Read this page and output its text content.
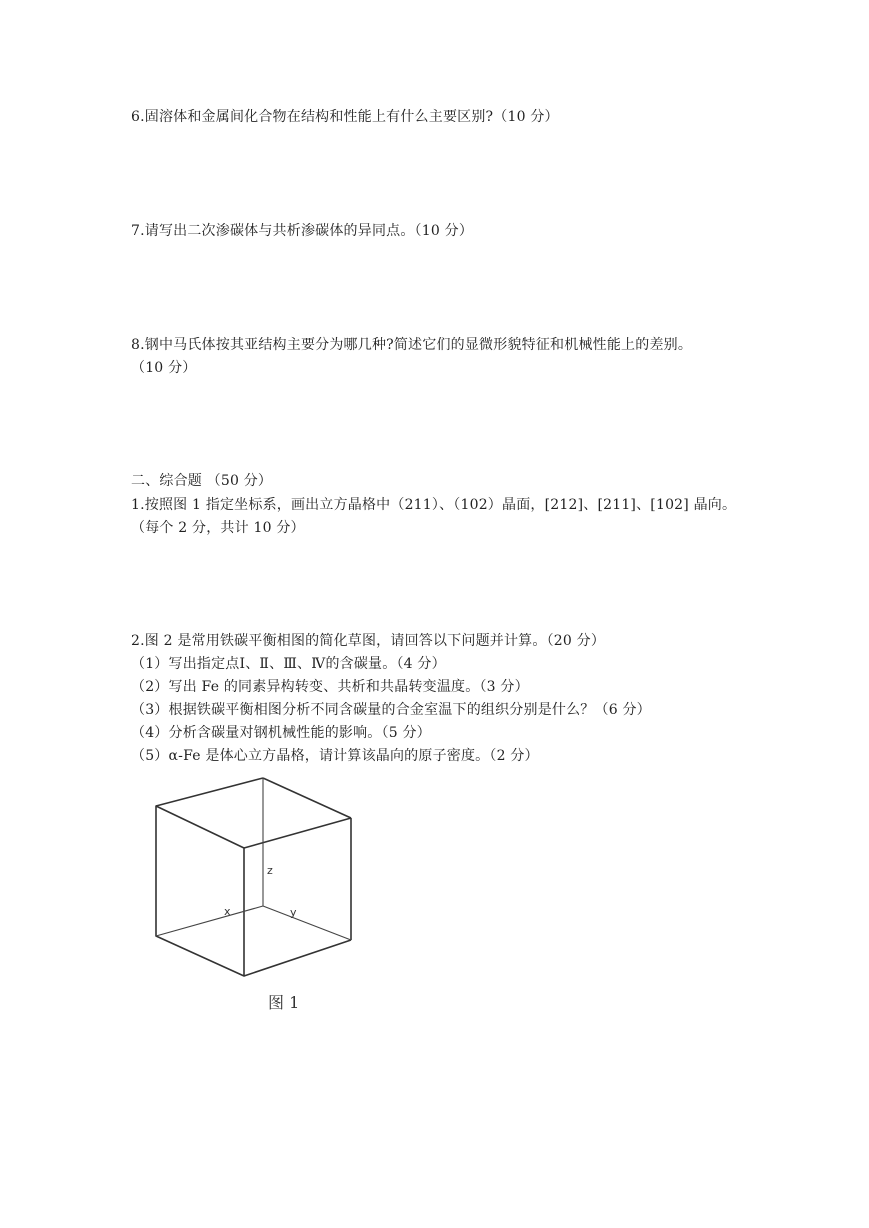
6.固溶体和金属间化合物在结构和性能上有什么主要区别?（10 分）
7.请写出二次渗碳体与共析渗碳体的异同点。（10 分）
8.钢中马氏体按其亚结构主要分为哪几种?简述它们的显微形貌特征和机械性能上的差别。
（10 分）
二、综合题 （50 分）
1.按照图 1 指定坐标系，画出立方晶格中（211）、（102）晶面，[212]、[211]、[102] 晶向。
（每个 2 分，共计 10 分）
2.图 2 是常用铁碳平衡相图的简化草图，请回答以下问题并计算。（20 分）
（1）写出指定点Ⅰ、Ⅱ、Ⅲ、Ⅳ的含碳量。（4 分）
（2）写出 Fe 的同素异构转变、共析和共晶转变温度。（3 分）
（3）根据铁碳平衡相图分析不同含碳量的合金室温下的组织分别是什么？（6 分）
（4）分析含碳量对钢机械性能的影响。（5 分）
（5）α-Fe 是体心立方晶格，请计算该晶向的原子密度。（2 分）
z
x	y
图 1
